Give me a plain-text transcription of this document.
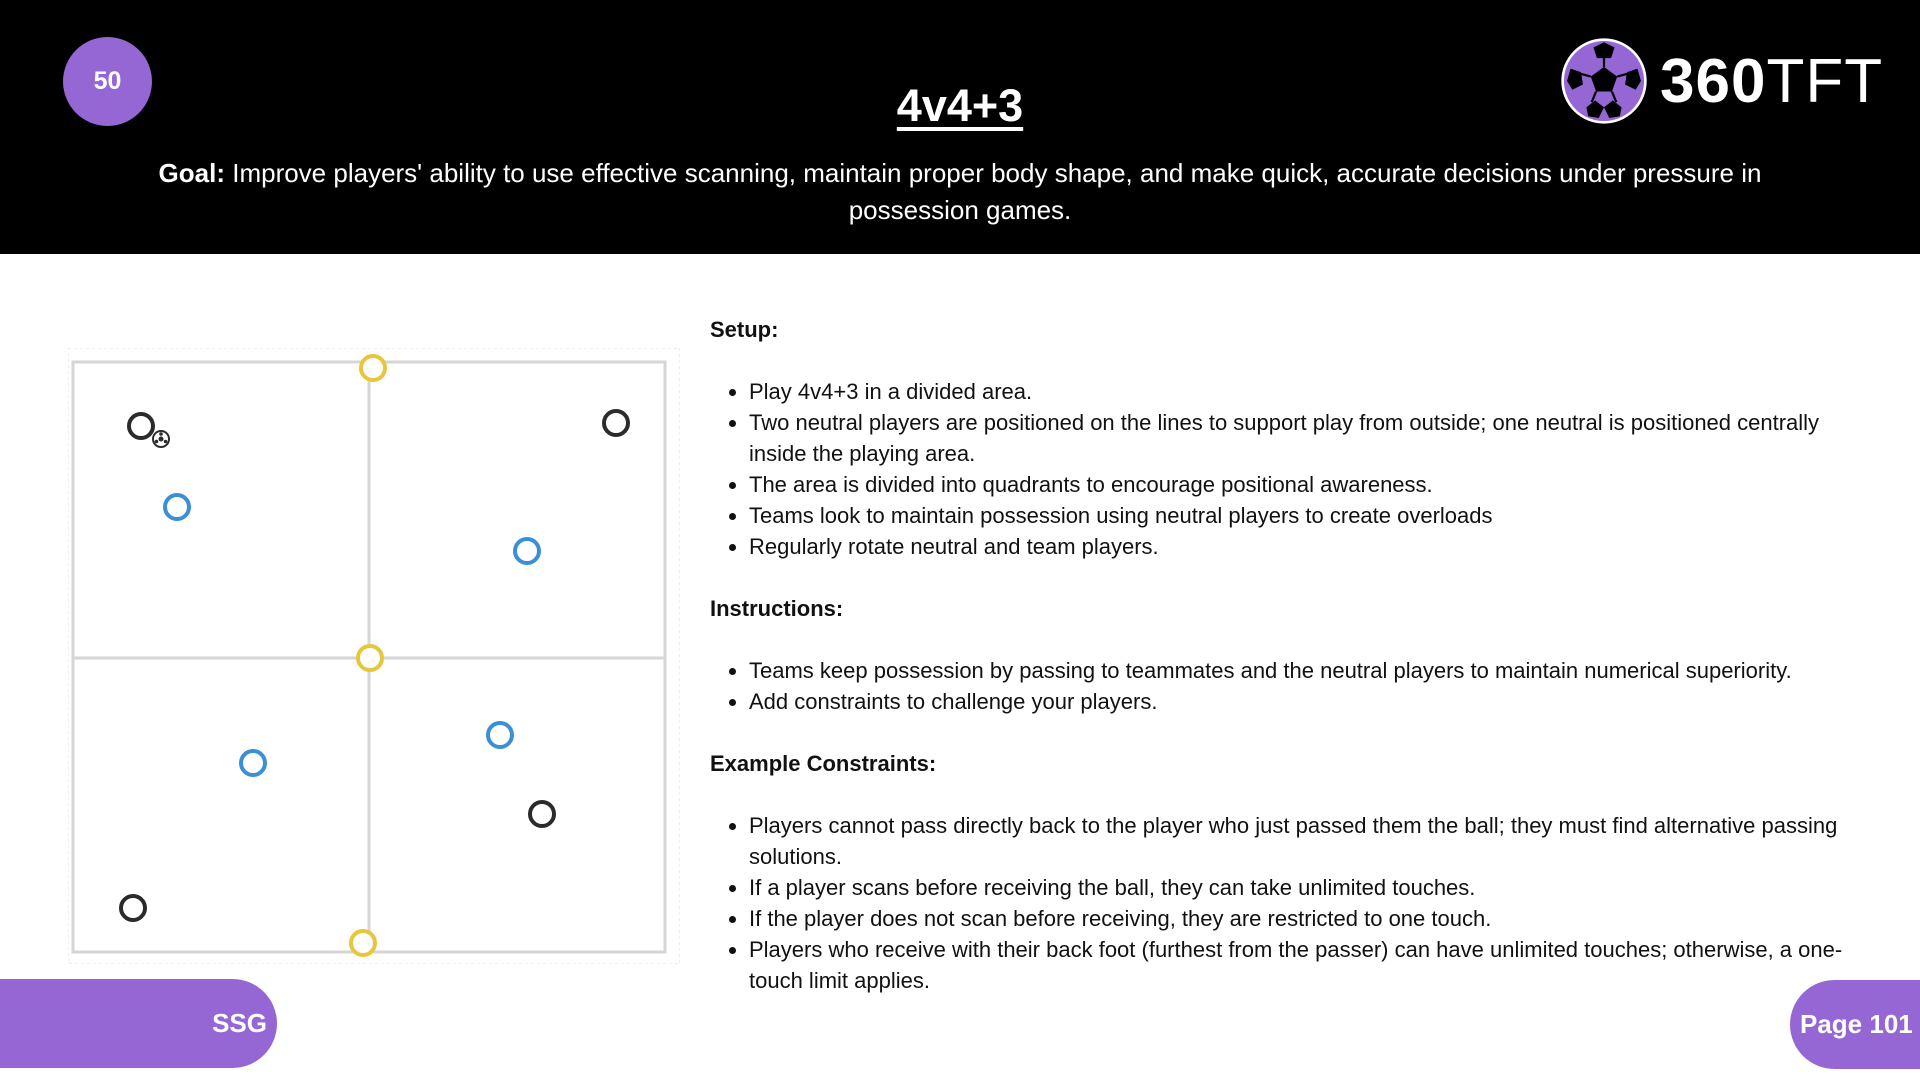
50	4v4+3
Goal: Improve players' ability to use effective scanning, maintain proper body shape, and make quick, accurate decisions under pressure in possession games.
360 TFT
Setup:
• Play 4v4+3 in a divided area.
• Two neutral players are positioned on the lines to support play from outside; one neutral is positioned centrally inside the playing area.
• The area is divided into quadrants to encourage positional awareness.
• Teams look to maintain possession using neutral players to create overloads
• Regularly rotate neutral and team players.
Instructions:
• Teams keep possession by passing to teammates and the neutral players to maintain numerical superiority.
• Add constraints to challenge your players.
Example Constraints:
• Players cannot pass directly back to the player who just passed them the ball; they must find alternative passing solutions.
• If a player scans before receiving the ball, they can take unlimited touches.
• If the player does not scan before receiving, they are restricted to one touch.
• Players who receive with their back foot (furthest from the passer) can have unlimited touches; otherwise, a one-touch limit applies.
SSG	Page 101
